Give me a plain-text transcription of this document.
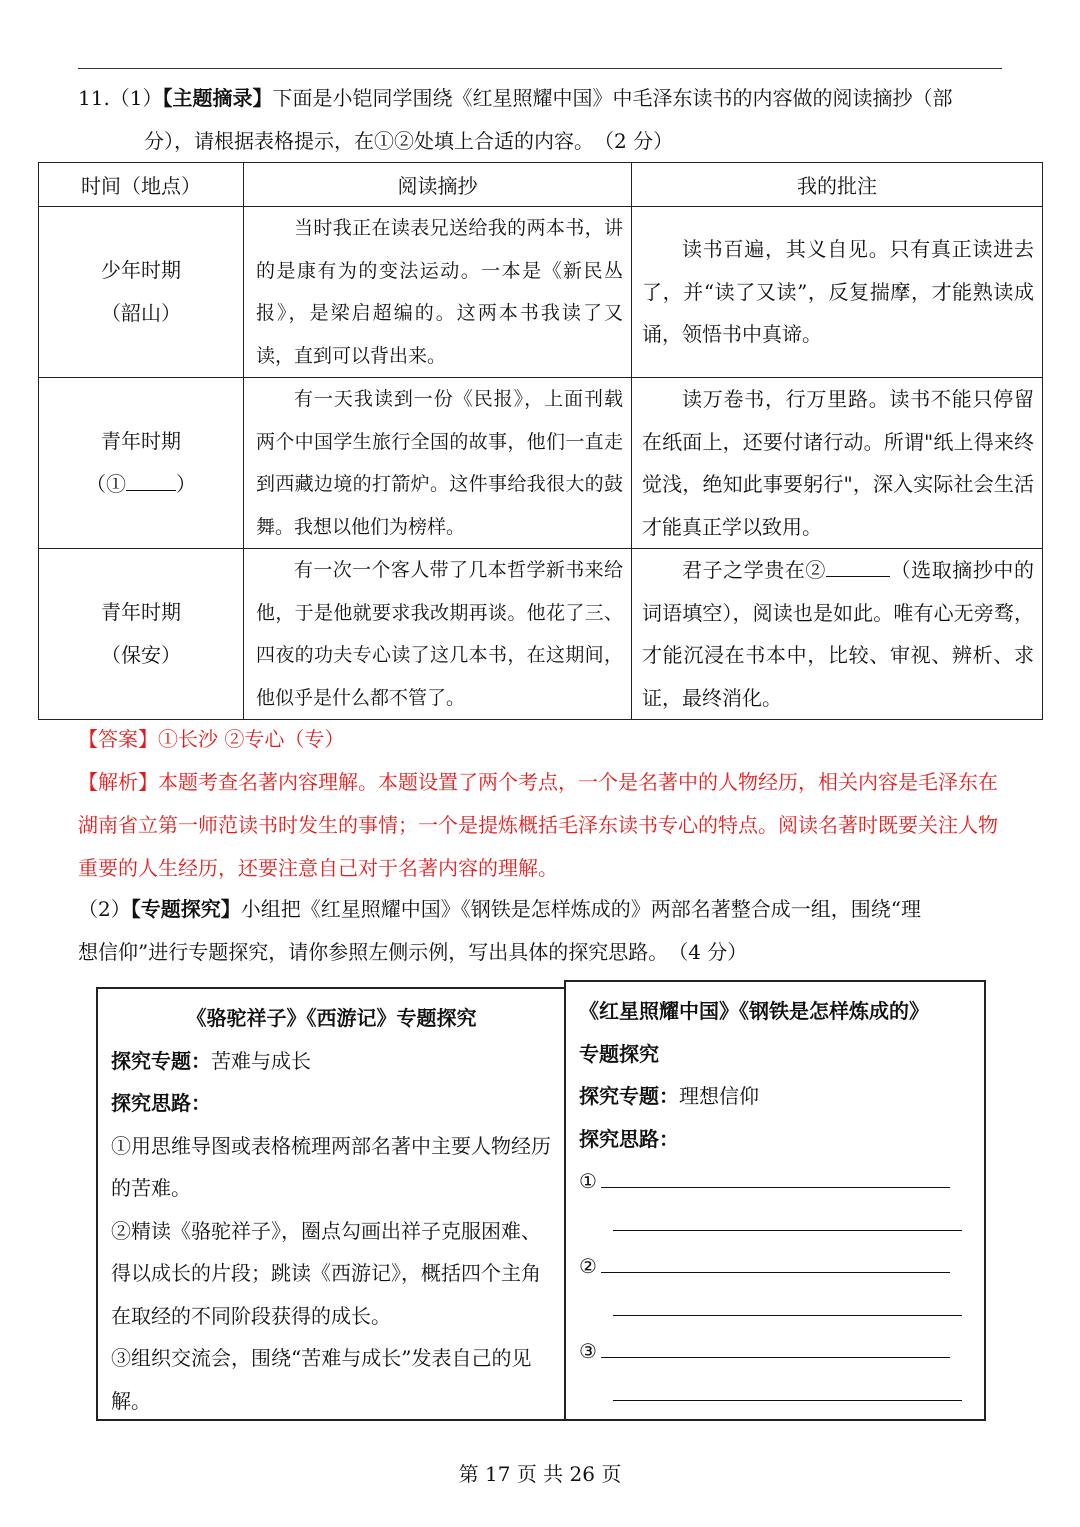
11.（1）【主题摘录】下面是小铠同学围绕《红星照耀中国》中毛泽东读书的内容做的阅读摘抄（部
分），请根据表格提示，在①②处填上合适的内容。　（2 分）
时间（地点）	阅读摘抄	我的批注

少年时期
（韶山）	当时我正在读表兄送给我的两本书，讲的是康有为的变法运动。一本是《新民丛报》，是梁启超编的。这两本书我读了又读，直到可以背出来。	读书百遍，其义自见。只有真正读进去了，并“读了又读”，反复揣摩，才能熟读成诵，领悟书中真谛。

青年时期
（① ）	有一天我读到一份《民报》，上面刊载两个中国学生旅行全国的故事，他们一直走到西藏边境的打箭炉。这件事给我很大的鼓舞。我想以他们为榜样。	读万卷书，行万里路。读书不能只停留在纸面上，还要付诸行动。所谓"纸上得来终觉浅，绝知此事要躬行"，深入实际社会生活才能真正学以致用。

青年时期
（保安）	有一次一个客人带了几本哲学新书来给他，于是他就要求我改期再谈。他花了三、四夜的功夫专心读了这几本书，在这期间，他似乎是什么都不管了。	君子之学贵在② （选取摘抄中的词语填空），阅读也是如此。唯有心无旁骛，才能沉浸在书本中，比较、审视、辨析、求证，最终消化。
【答案】①长沙 ②专心（专）
【解析】本题考查名著内容理解。本题设置了两个考点，一个是名著中的人物经历，相关内容是毛泽东在湖南省立第一师范读书时发生的事情；一个是提炼概括毛泽东读书专心的特点。阅读名著时既要关注人物重要的人生经历，还要注意自己对于名著内容的理解。
（2）【专题探究】小组把《红星照耀中国》《钢铁是怎样炼成的》两部名著整合成一组，围绕“理
想信仰”进行专题探究，请你参照左侧示例，写出具体的探究思路。　（4 分）
《骆驼祥子》《西游记》专题探究
探究专题：苦难与成长
探究思路：
①用思维导图或表格梳理两部名著中主要人物经历的苦难。
②精读《骆驼祥子》，圈点勾画出祥子克服困难、得以成长的片段；跳读《西游记》，概括四个主角在取经的不同阶段获得的成长。
③组织交流会，围绕“苦难与成长”发表自己的见解。
《红星照耀中国》《钢铁是怎样炼成的》
专题探究
探究专题：理想信仰
探究思路：
①
②
③
第 17 页 共 26 页
